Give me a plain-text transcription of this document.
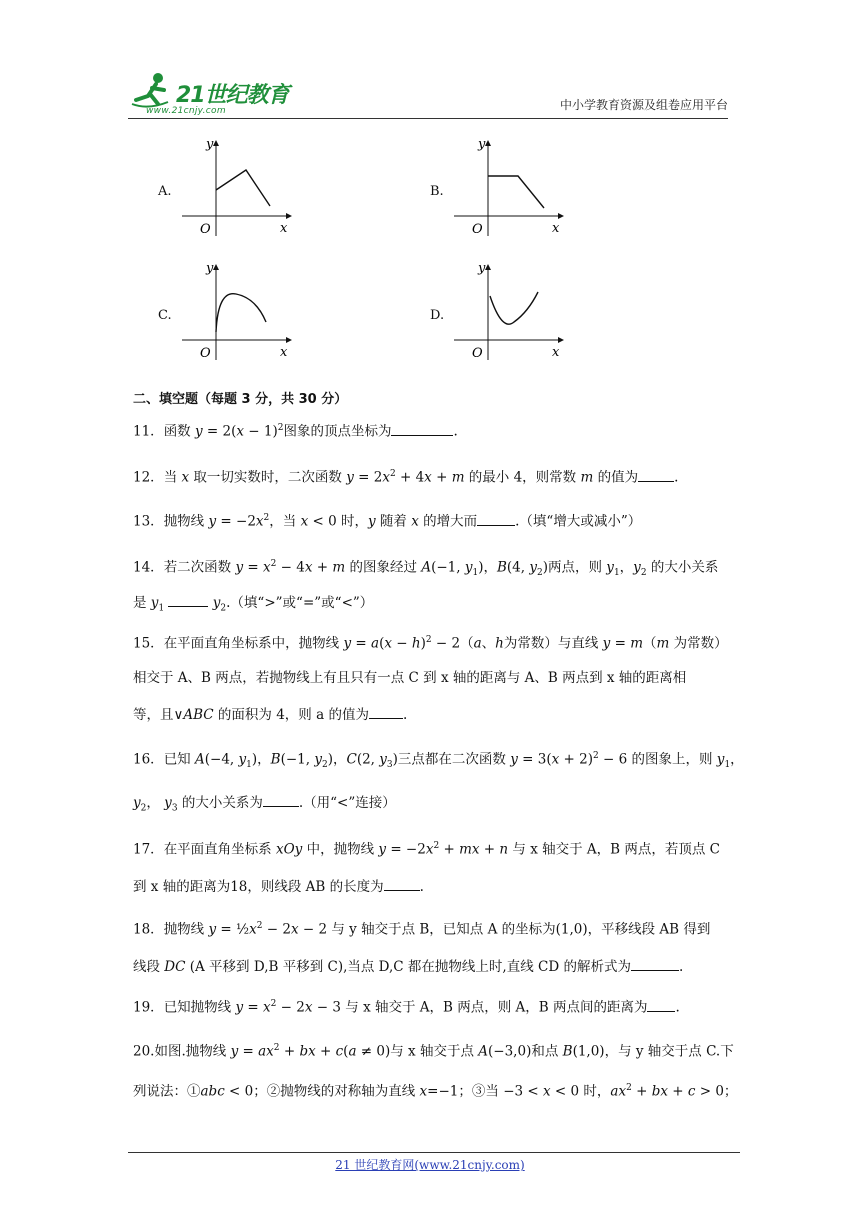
21世纪教育
www.21cnjy.com	中小学教育资源及组卷应用平台
A.
y
x
O
B.
y
x
O
C.
y
x
O
D.
y
x
O
二、填空题（每题 3 分，共 30 分）
11．函数 $y = 2(x - 1)^2$图象的顶点坐标为	.
12．当 x 取一切实数时，二次函数 $y = 2x^2 + 4x + m$ 的最小 4，则常数 m 的值为	.
13．抛物线 $y = -2x^2$，当 x < 0 时，y 随着 x 的增大而	.（填“增大或减小”）
14．若二次函数 $y = x^2 - 4x + m$ 的图象经过 A(−1, $y_1$)，B(4, $y_2$)两点，则 $y_1$，$y_2$ 的大小关系
是 $y_1$	$y_2$.（填“>”或“=”或“<”）
15．在平面直角坐标系中，抛物线 $y = a(x - h)^2 - 2(a$、h为常数）与直线 y = m（m 为常数）
相交于 A、B 两点，若抛物线上有且只有一点 C 到 x 轴的距离与 A、B 两点到 x 轴的距离相
等，且∨ABC 的面积为 4，则 a 的值为	.
16．已知 A(−4, $y_1$)，B(−1, $y_2$)，C(2, $y_3$)三点都在二次函数 $y = 3(x + 2)^2 - 6$ 的图象上，则 $y_1$，
$y_2$， $y_3$ 的大小关系为	.（用“<”连接）
17．在平面直角坐标系 xOy 中，抛物线 $y = -2x^2$ + mx + n 与 x 轴交于 A，B 两点，若顶点 C
到 x 轴的距离为18，则线段 AB 的长度为	.
18．抛物线 $y = \frac{1}{2}x^2 - 2x - 2$ 与 y 轴交于点 B，已知点 A 的坐标为(1,0)，平移线段 AB 得到
线段 DC (A 平移到 D,B 平移到 C),当点 D,C 都在抛物线上时,直线 CD 的解析式为	.
19．已知抛物线 $y = x^2 - 2x - 3$ 与 x 轴交于 A，B 两点，则 A，B 两点间的距离为 .
20.如图.抛物线 $y = ax^2$ + bx + c(a ≠ 0)与 x 轴交于点 A(−3,0)和点 B(1,0)，与 y 轴交于点 C.下
列说法：①abc < 0；②抛物线的对称轴为直线 x=−1；③当 −3 < x < 0 时，$ax^2$ + bx + c > 0；
21 世纪教育网(www.21cnjy.com)
